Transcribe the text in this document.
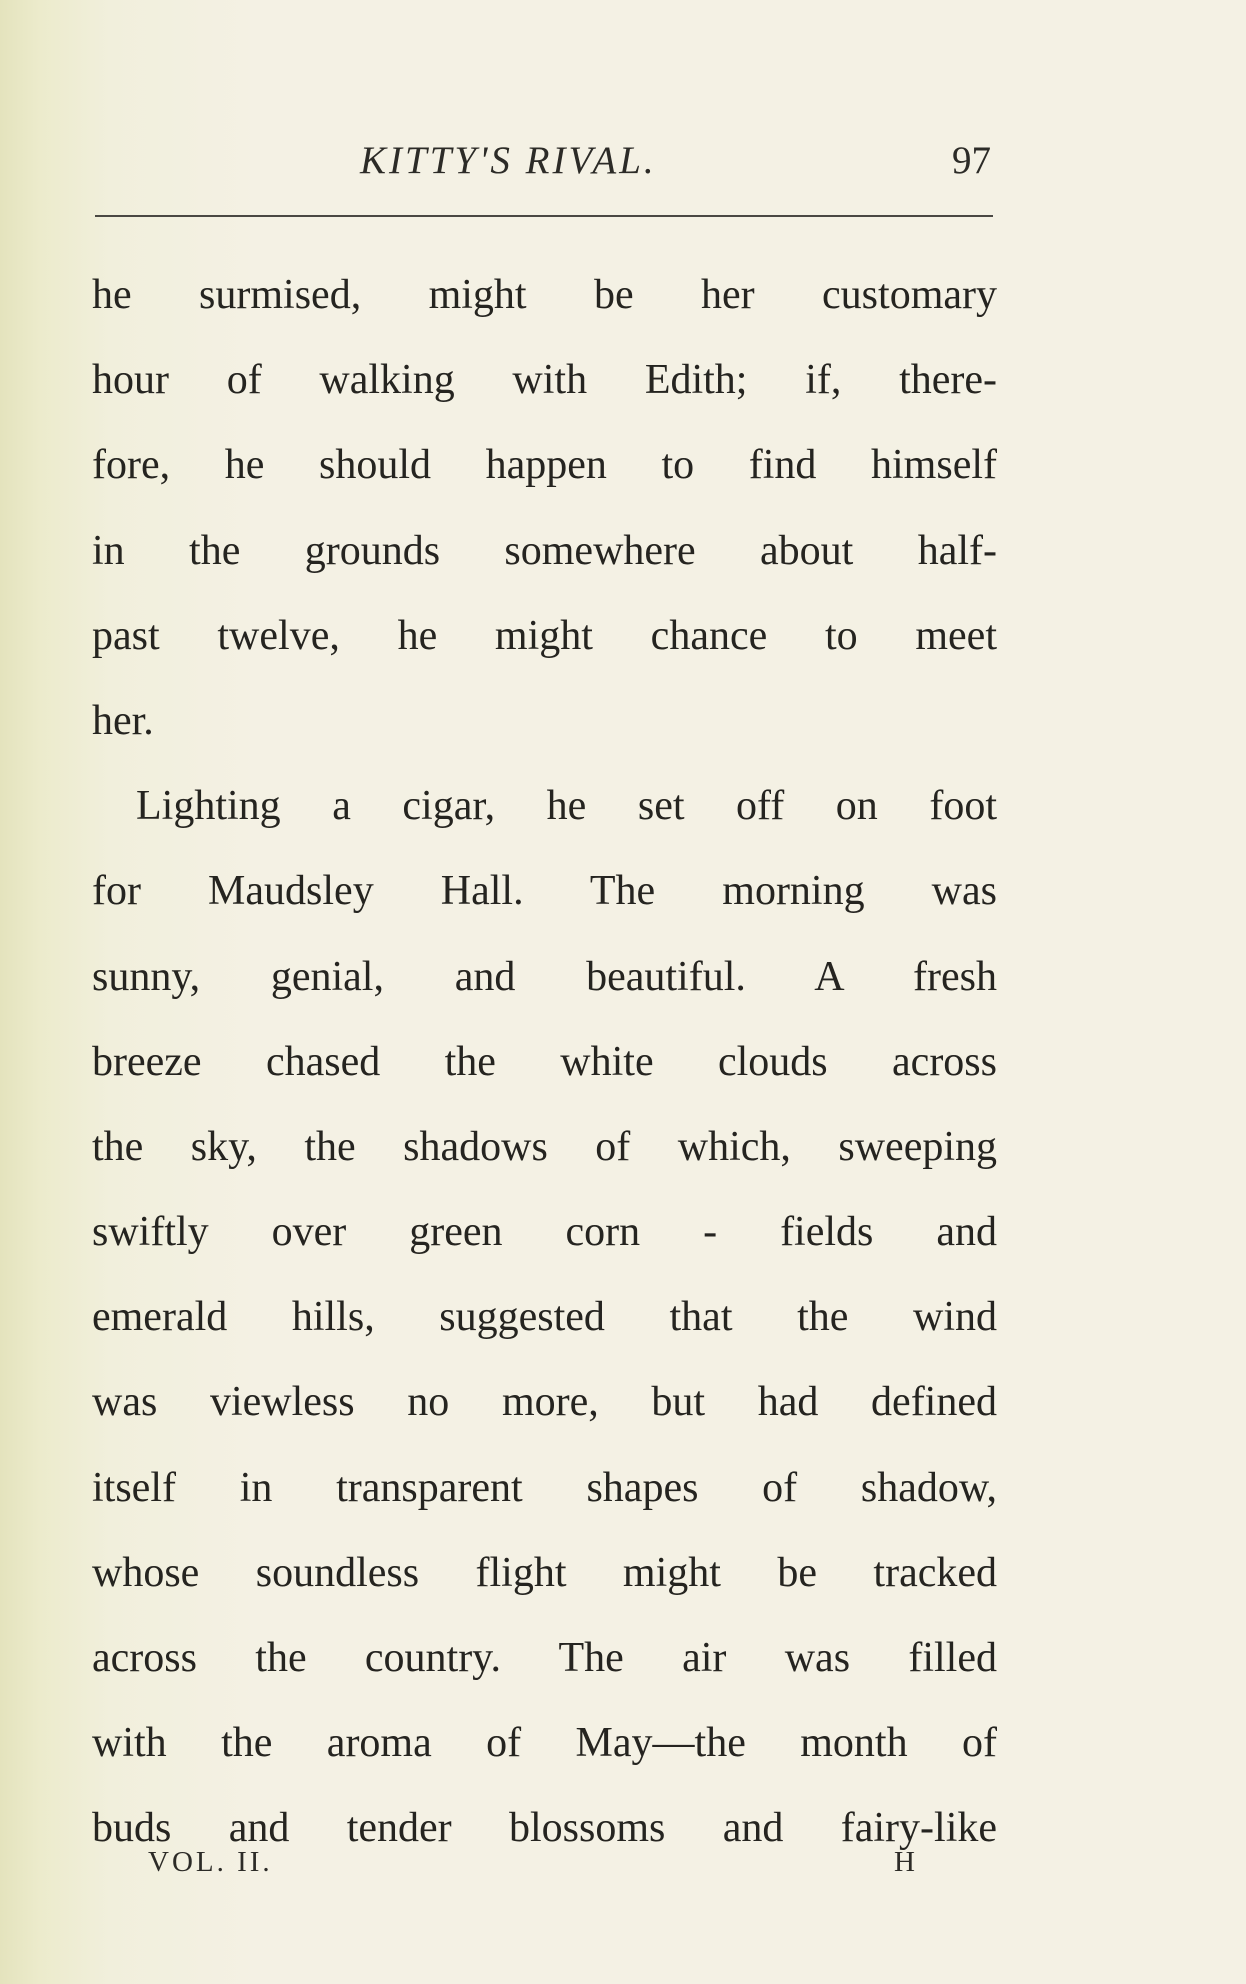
KITTY'S RIVAL.	97
he surmised, might be her customary
hour of walking with Edith; if, there-
fore, he should happen to find himself
in the grounds somewhere about half-
past twelve, he might chance to meet
her.
Lighting a cigar, he set off on foot
for Maudsley Hall. The morning was
sunny, genial, and beautiful. A fresh
breeze chased the white clouds across
the sky, the shadows of which, sweeping
swiftly over green corn - fields and
emerald hills, suggested that the wind
was viewless no more, but had defined
itself in transparent shapes of shadow,
whose soundless flight might be tracked
across the country. The air was filled
with the aroma of May—the month of
buds and tender blossoms and fairy-like
VOL. II.	H
